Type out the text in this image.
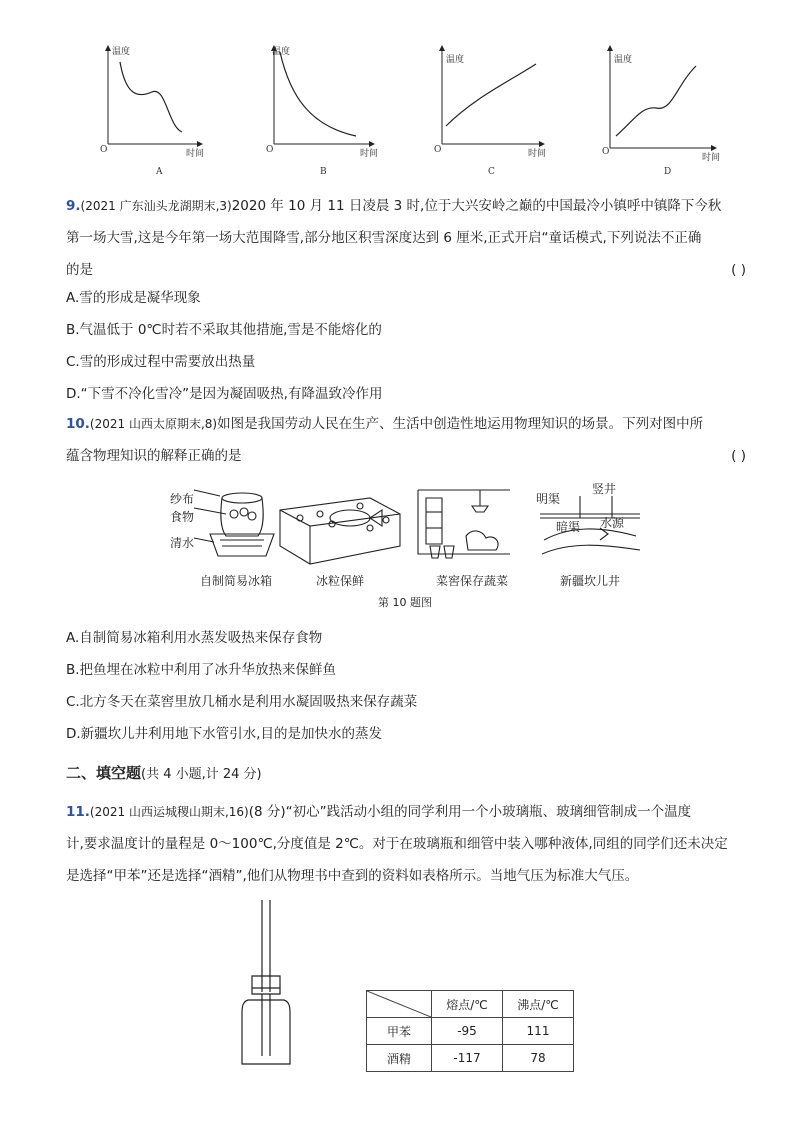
温度
时间
O
A
温度
时间
O
B
温度
时间
O
C
温度
时间
O
D
9.(2021 广东汕头龙湖期末,3)2020 年 10 月 11 日凌晨 3 时,位于大兴安岭之巅的中国最冷小镇呼中镇降下今秋
第一场大雪,这是今年第一场大范围降雪,部分地区积雪深度达到 6 厘米,正式开启“童话模式,下列说法不正确
的是	( )
A.雪的形成是凝华现象
B.气温低于 0℃时若不采取其他措施,雪是不能熔化的
C.雪的形成过程中需要放出热量
D.“下雪不冷化雪冷”是因为凝固吸热,有降温致冷作用
10.(2021 山西太原期末,8)如图是我国劳动人民在生产、生活中创造性地运用物理知识的场景。下列对图中所
蕴含物理知识的解释正确的是	( )
纱布
食物
清水
明渠
竖井
暗渠 水源
自制简易冰箱	冰粒保鲜	菜窖保存蔬菜	新疆坎儿井
第 10 题图
A.自制简易冰箱利用水蒸发吸热来保存食物
B.把鱼埋在冰粒中利用了冰升华放热来保鲜鱼
C.北方冬天在菜窖里放几桶水是利用水凝固吸热来保存蔬菜
D.新疆坎儿井利用地下水管引水,目的是加快水的蒸发
二、填空题(共 4 小题,计 24 分)
11.(2021 山西运城稷山期末,16)(8 分)“初心”践活动小组的同学利用一个小玻璃瓶、玻璃细管制成一个温度
计,要求温度计的量程是 0～100℃,分度值是 2℃。对于在玻璃瓶和细管中装入哪种液体,同组的同学们还未决定
是选择“甲苯”还是选择“酒精”,他们从物理书中查到的资料如表格所示。当地气压为标准大气压。
	熔点/℃	沸点/℃
甲苯	-95	111
酒精	-117	78
